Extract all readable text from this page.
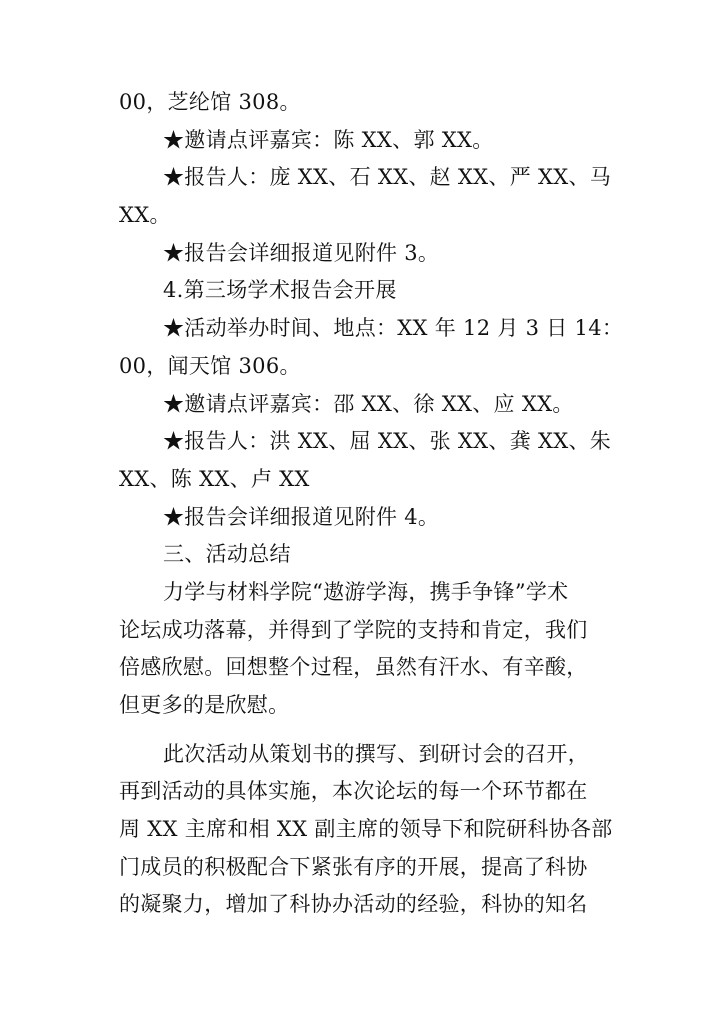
00，芝纶馆 308。
★邀请点评嘉宾：陈 XX、郭 XX。
★报告人：庞 XX、石 XX、赵 XX、严 XX、马
XX。
★报告会详细报道见附件 3。
4.第三场学术报告会开展
★活动举办时间、地点：XX 年 12 月 3 日 14：
00，闻天馆 306。
★邀请点评嘉宾：邵 XX、徐 XX、应 XX。
★报告人：洪 XX、屈 XX、张 XX、龚 XX、朱
XX、陈 XX、卢 XX
★报告会详细报道见附件 4。
三、活动总结
力学与材料学院“遨游学海，携手争锋”学术
论坛成功落幕，并得到了学院的支持和肯定，我们
倍感欣慰。回想整个过程，虽然有汗水、有辛酸，
但更多的是欣慰。
此次活动从策划书的撰写、到研讨会的召开，
再到活动的具体实施，本次论坛的每一个环节都在
周 XX 主席和相 XX 副主席的领导下和院研科协各部
门成员的积极配合下紧张有序的开展，提高了科协
的凝聚力，增加了科协办活动的经验，科协的知名
